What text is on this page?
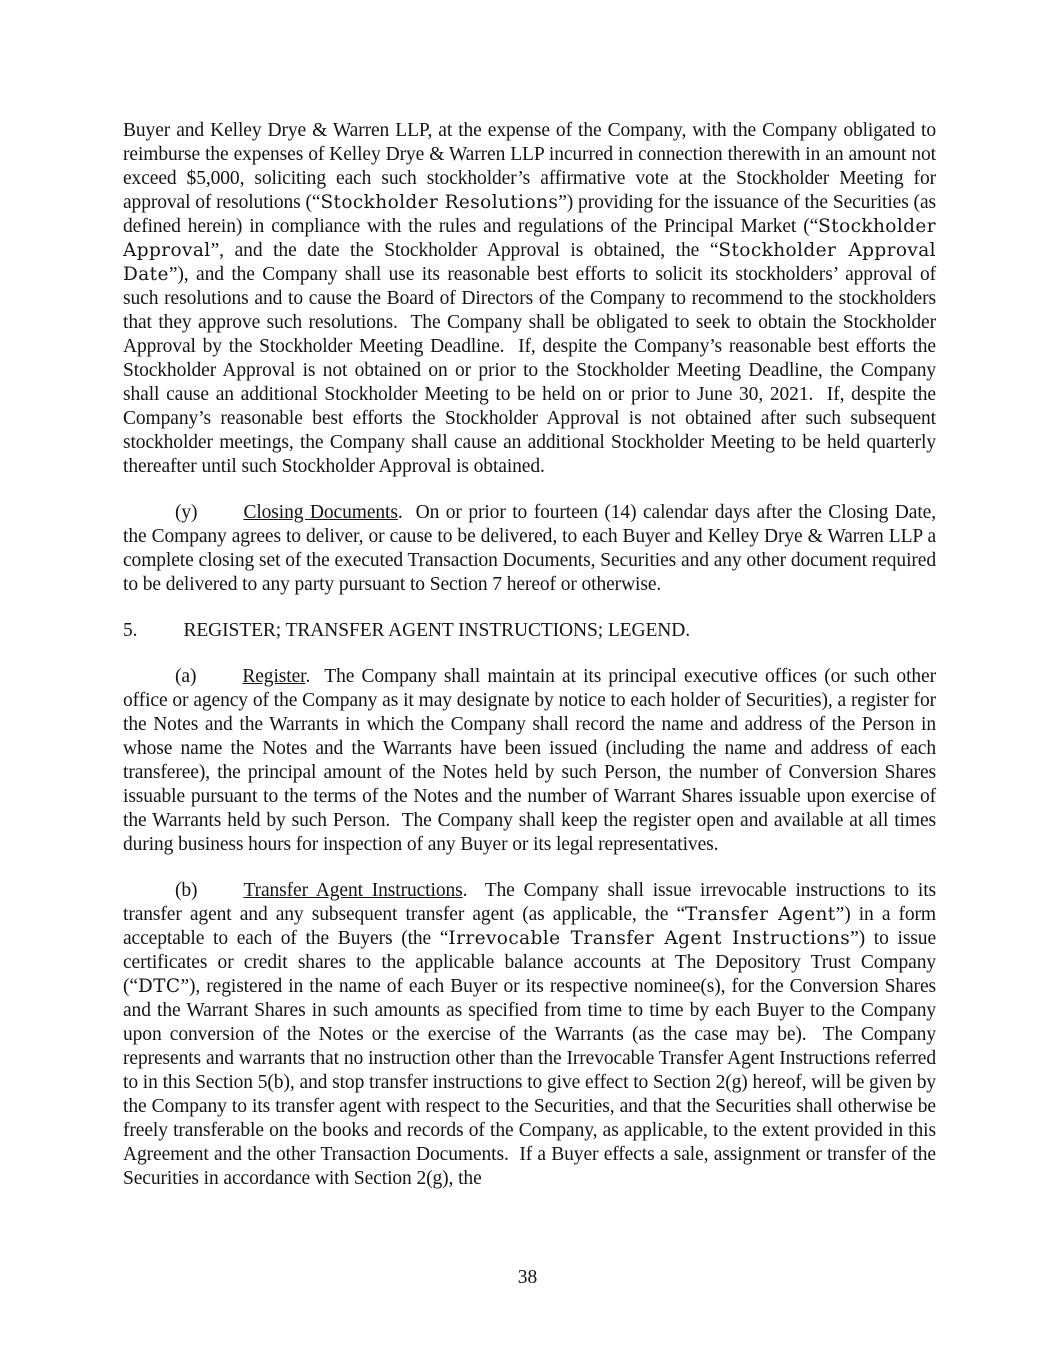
Buyer and Kelley Drye & Warren LLP, at the expense of the Company, with the Company obligated to reimburse the expenses of Kelley Drye & Warren LLP incurred in connection therewith in an amount not exceed $5,000, soliciting each such stockholder’s affirmative vote at the Stockholder Meeting for approval of resolutions (“Stockholder Resolutions”) providing for the issuance of the Securities (as defined herein) in compliance with the rules and regulations of the Principal Market (“Stockholder Approval”, and the date the Stockholder Approval is obtained, the “Stockholder Approval Date”), and the Company shall use its reasonable best efforts to solicit its stockholders’ approval of such resolutions and to cause the Board of Directors of the Company to recommend to the stockholders that they approve such resolutions.  The Company shall be obligated to seek to obtain the Stockholder Approval by the Stockholder Meeting Deadline.  If, despite the Company’s reasonable best efforts the Stockholder Approval is not obtained on or prior to the Stockholder Meeting Deadline, the Company shall cause an additional Stockholder Meeting to be held on or prior to June 30, 2021.  If, despite the Company’s reasonable best efforts the Stockholder Approval is not obtained after such subsequent stockholder meetings, the Company shall cause an additional Stockholder Meeting to be held quarterly thereafter until such Stockholder Approval is obtained.

(y) Closing Documents.  On or prior to fourteen (14) calendar days after the Closing Date, the Company agrees to deliver, or cause to be delivered, to each Buyer and Kelley Drye & Warren LLP a complete closing set of the executed Transaction Documents, Securities and any other document required to be delivered to any party pursuant to Section 7 hereof or otherwise.

5. REGISTER; TRANSFER AGENT INSTRUCTIONS; LEGEND.

(a) Register.  The Company shall maintain at its principal executive offices (or such other office or agency of the Company as it may designate by notice to each holder of Securities), a register for the Notes and the Warrants in which the Company shall record the name and address of the Person in whose name the Notes and the Warrants have been issued (including the name and address of each transferee), the principal amount of the Notes held by such Person, the number of Conversion Shares issuable pursuant to the terms of the Notes and the number of Warrant Shares issuable upon exercise of the Warrants held by such Person.  The Company shall keep the register open and available at all times during business hours for inspection of any Buyer or its legal representatives.

(b) Transfer Agent Instructions.  The Company shall issue irrevocable instructions to its transfer agent and any subsequent transfer agent (as applicable, the “Transfer Agent”) in a form acceptable to each of the Buyers (the “Irrevocable Transfer Agent Instructions”) to issue certificates or credit shares to the applicable balance accounts at The Depository Trust Company (“DTC”), registered in the name of each Buyer or its respective nominee(s), for the Conversion Shares and the Warrant Shares in such amounts as specified from time to time by each Buyer to the Company upon conversion of the Notes or the exercise of the Warrants (as the case may be).  The Company represents and warrants that no instruction other than the Irrevocable Transfer Agent Instructions referred to in this Section 5(b), and stop transfer instructions to give effect to Section 2(g) hereof, will be given by the Company to its transfer agent with respect to the Securities, and that the Securities shall otherwise be freely transferable on the books and records of the Company, as applicable, to the extent provided in this Agreement and the other Transaction Documents.  If a Buyer effects a sale, assignment or transfer of the Securities in accordance with Section 2(g), the

38
